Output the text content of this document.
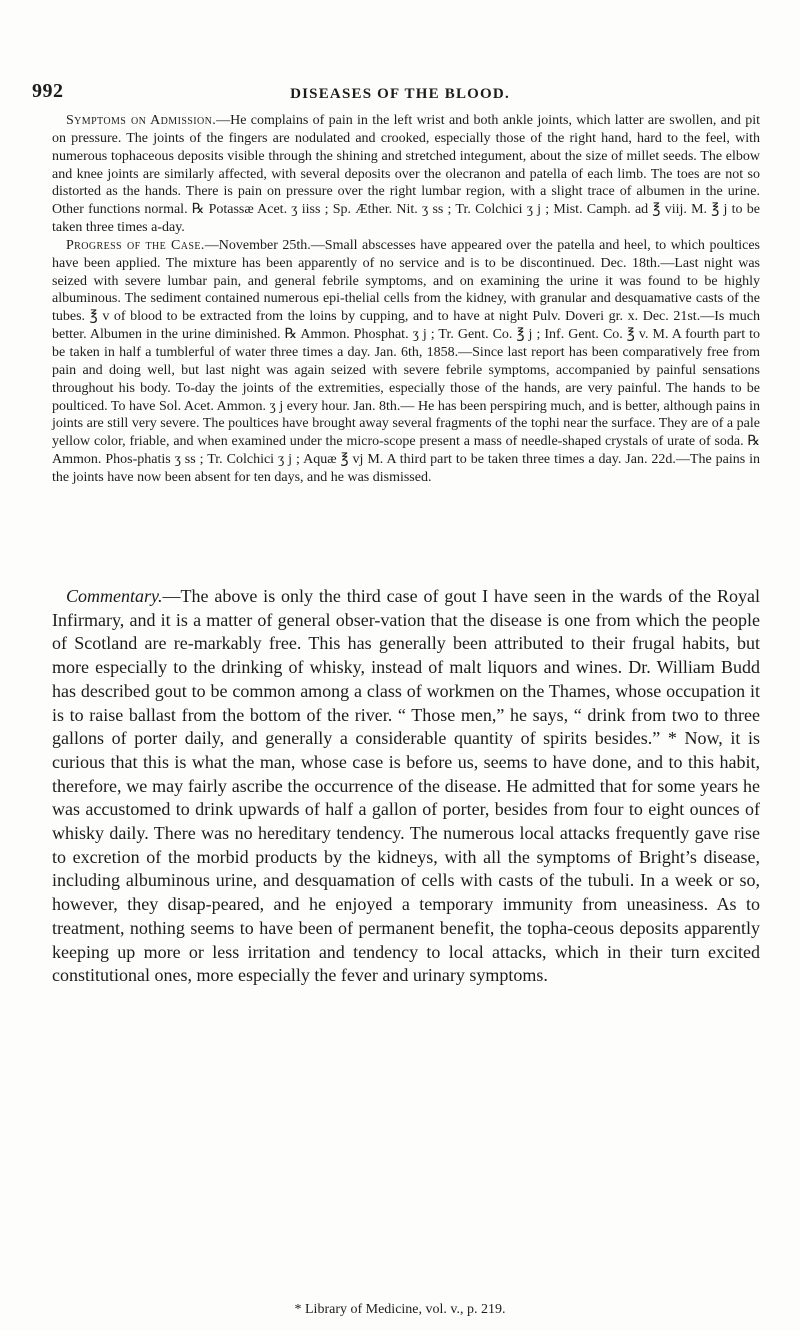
992	DISEASES OF THE BLOOD.

Symptoms on Admission.—He complains of pain in the left wrist and both ankle joints, which latter are swollen, and pit on pressure. The joints of the fingers are nodulated and crooked, especially those of the right hand, hard to the feel, with numerous tophaceous deposits visible through the shining and stretched integument, about the size of millet seeds. The elbow and knee joints are similarly affected, with several deposits over the olecranon and patella of each limb. The toes are not so distorted as the hands. There is pain on pressure over the right lumbar region, with a slight trace of albumen in the urine. Other functions normal. ℞ Potassæ Acet. ʒ iiss ; Sp. Æther. Nit. ʒ ss ; Tr. Colchici ʒ j ; Mist. Camph. ad ℥ viij. M. ℥ j to be taken three times a-day.

Progress of the Case.—November 25th.—Small abscesses have appeared over the patella and heel, to which poultices have been applied. The mixture has been apparently of no service and is to be discontinued. Dec. 18th.—Last night was seized with severe lumbar pain, and general febrile symptoms, and on examining the urine it was found to be highly albuminous. The sediment contained numerous epi-thelial cells from the kidney, with granular and desquamative casts of the tubes. ℥ v of blood to be extracted from the loins by cupping, and to have at night Pulv. Doveri gr. x. Dec. 21st.—Is much better. Albumen in the urine diminished. ℞ Ammon. Phosphat. ʒ j ; Tr. Gent. Co. ℥ j ; Inf. Gent. Co. ℥ v. M. A fourth part to be taken in half a tumblerful of water three times a day. Jan. 6th, 1858.—Since last report has been comparatively free from pain and doing well, but last night was again seized with severe febrile symptoms, accompanied by painful sensations throughout his body. To-day the joints of the extremities, especially those of the hands, are very painful. The hands to be poulticed. To have Sol. Acet. Ammon. ʒ j every hour. Jan. 8th.— He has been perspiring much, and is better, although pains in joints are still very severe. The poultices have brought away several fragments of the tophi near the surface. They are of a pale yellow color, friable, and when examined under the micro-scope present a mass of needle-shaped crystals of urate of soda. ℞ Ammon. Phos-phatis ʒ ss ; Tr. Colchici ʒ j ; Aquæ ℥ vj M. A third part to be taken three times a day. Jan. 22d.—The pains in the joints have now been absent for ten days, and he was dismissed.

Commentary.—The above is only the third case of gout I have seen in the wards of the Royal Infirmary, and it is a matter of general obser-vation that the disease is one from which the people of Scotland are re-markably free. This has generally been attributed to their frugal habits, but more especially to the drinking of whisky, instead of malt liquors and wines. Dr. William Budd has described gout to be common among a class of workmen on the Thames, whose occupation it is to raise ballast from the bottom of the river. “ Those men,” he says, “ drink from two to three gallons of porter daily, and generally a considerable quantity of spirits besides.” * Now, it is curious that this is what the man, whose case is before us, seems to have done, and to this habit, therefore, we may fairly ascribe the occurrence of the disease. He admitted that for some years he was accustomed to drink upwards of half a gallon of porter, besides from four to eight ounces of whisky daily. There was no hereditary tendency. The numerous local attacks frequently gave rise to excretion of the morbid products by the kidneys, with all the symptoms of Bright’s disease, including albuminous urine, and desquamation of cells with casts of the tubuli. In a week or so, however, they disap-peared, and he enjoyed a temporary immunity from uneasiness. As to treatment, nothing seems to have been of permanent benefit, the topha-ceous deposits apparently keeping up more or less irritation and tendency to local attacks, which in their turn excited constitutional ones, more especially the fever and urinary symptoms.

* Library of Medicine, vol. v., p. 219.
